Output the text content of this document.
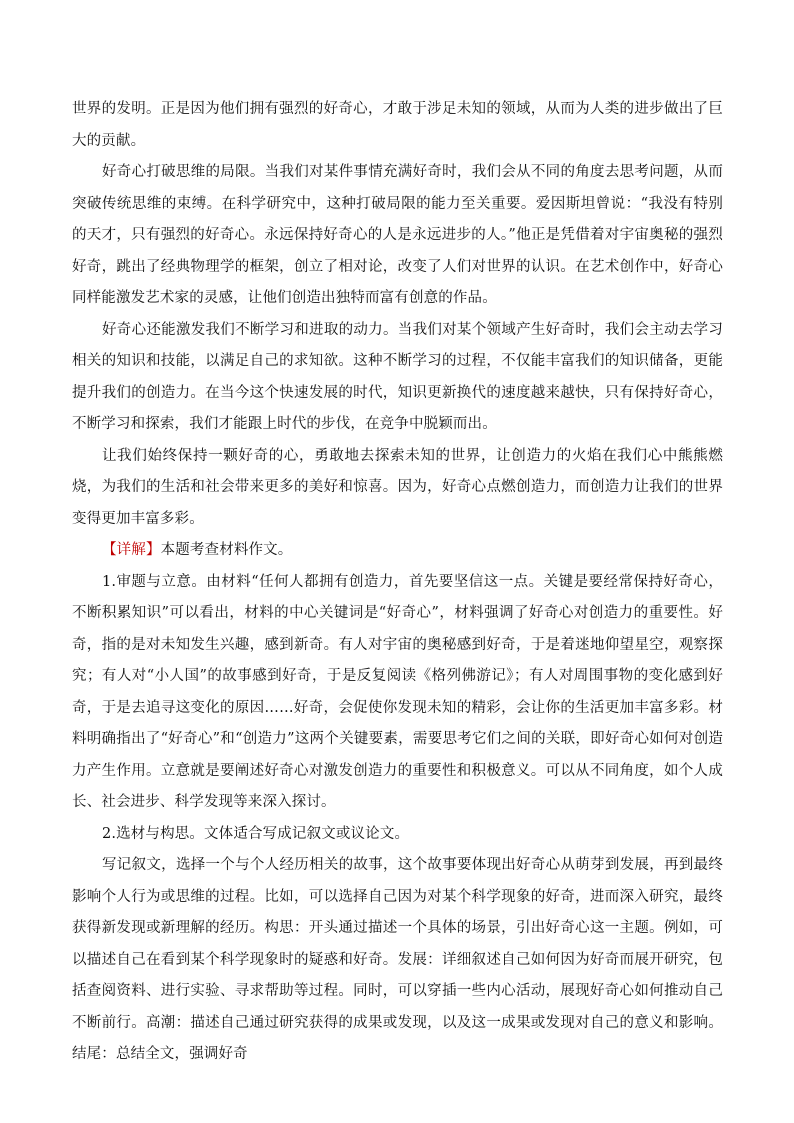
世界的发明。正是因为他们拥有强烈的好奇心，才敢于涉足未知的领域，从而为人类的进步做出了巨大的贡献。

好奇心打破思维的局限。当我们对某件事情充满好奇时，我们会从不同的角度去思考问题，从而突破传统思维的束缚。在科学研究中，这种打破局限的能力至关重要。爱因斯坦曾说：“我没有特别的天才，只有强烈的好奇心。永远保持好奇心的人是永远进步的人。”他正是凭借着对宇宙奥秘的强烈好奇，跳出了经典物理学的框架，创立了相对论，改变了人们对世界的认识。在艺术创作中，好奇心同样能激发艺术家的灵感，让他们创造出独特而富有创意的作品。

好奇心还能激发我们不断学习和进取的动力。当我们对某个领域产生好奇时，我们会主动去学习相关的知识和技能，以满足自己的求知欲。这种不断学习的过程，不仅能丰富我们的知识储备，更能提升我们的创造力。在当今这个快速发展的时代，知识更新换代的速度越来越快，只有保持好奇心，不断学习和探索，我们才能跟上时代的步伐，在竞争中脱颖而出。

让我们始终保持一颗好奇的心，勇敢地去探索未知的世界，让创造力的火焰在我们心中熊熊燃烧，为我们的生活和社会带来更多的美好和惊喜。因为，好奇心点燃创造力，而创造力让我们的世界变得更加丰富多彩。

【详解】本题考查材料作文。

1.审题与立意。由材料“任何人都拥有创造力，首先要坚信这一点。关键是要经常保持好奇心，不断积累知识”可以看出，材料的中心关键词是“好奇心”，材料强调了好奇心对创造力的重要性。好奇，指的是对未知发生兴趣，感到新奇。有人对宇宙的奥秘感到好奇，于是着迷地仰望星空，观察探究；有人对“小人国”的故事感到好奇，于是反复阅读《格列佛游记》；有人对周围事物的变化感到好奇，于是去追寻这变化的原因……好奇，会促使你发现未知的精彩，会让你的生活更加丰富多彩。材料明确指出了“好奇心”和“创造力”这两个关键要素，需要思考它们之间的关联，即好奇心如何对创造力产生作用。立意就是要阐述好奇心对激发创造力的重要性和积极意义。可以从不同角度，如个人成长、社会进步、科学发现等来深入探讨。

2.选材与构思。文体适合写成记叙文或议论文。

写记叙文，选择一个与个人经历相关的故事，这个故事要体现出好奇心从萌芽到发展，再到最终影响个人行为或思维的过程。比如，可以选择自己因为对某个科学现象的好奇，进而深入研究，最终获得新发现或新理解的经历。构思：开头通过描述一个具体的场景，引出好奇心这一主题。例如，可以描述自己在看到某个科学现象时的疑惑和好奇。发展：详细叙述自己如何因为好奇而展开研究，包括查阅资料、进行实验、寻求帮助等过程。同时，可以穿插一些内心活动，展现好奇心如何推动自己不断前行。高潮：描述自己通过研究获得的成果或发现，以及这一成果或发现对自己的意义和影响。结尾：总结全文，强调好奇
